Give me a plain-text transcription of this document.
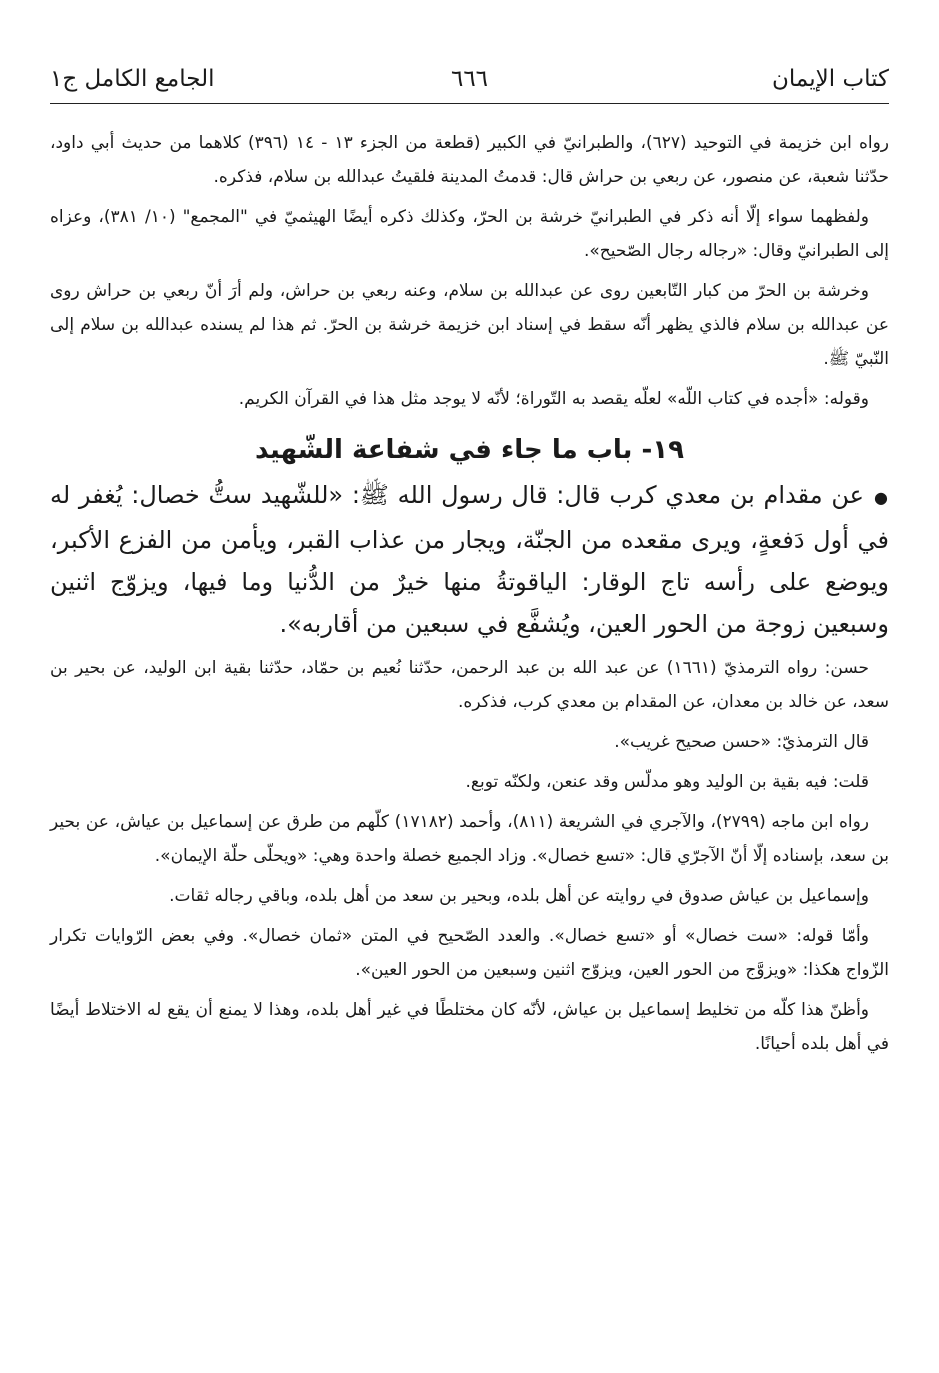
كتاب الإيمان
٦٦٦
الجامع الكامل ج١

رواه ابن خزيمة في التوحيد (٦٢٧)، والطبرانيّ في الكبير (قطعة من الجزء ١٣ - ١٤ (٣٩٦) كلاهما من حديث أبي داود، حدّثنا شعبة، عن منصور، عن ربعي بن حراش قال: قدمتُ المدينة فلقيتُ عبدالله بن سلام، فذكره.

ولفظهما سواء إلّا أنه ذكر في الطبرانيّ خرشة بن الحرّ، وكذلك ذكره أيضًا الهيثميّ في "المجمع" (١٠/ ٣٨١)، وعزاه إلى الطبرانيّ وقال: «رجاله رجال الصّحيح».

وخرشة بن الحرّ من كبار التّابعين روى عن عبدالله بن سلام، وعنه ربعي بن حراش، ولم أرَ أنّ ربعي بن حراش روى عن عبدالله بن سلام فالذي يظهر أنّه سقط في إسناد ابن خزيمة خرشة بن الحرّ. ثم هذا لم يسنده عبدالله بن سلام إلى النّبيّ ﷺ.

وقوله: «أجده في كتاب اللّه» لعلّه يقصد به التّوراة؛ لأنّه لا يوجد مثل هذا في القرآن الكريم.

١٩- باب ما جاء في شفاعة الشّهيد

●عن مقدام بن معدي كرب قال: قال رسول الله ﷺ: «للشّهيد ستُّ خصال: يُغفر له في أول دَفعةٍ، ويرى مقعده من الجنّة، ويجار من عذاب القبر، ويأمن من الفزع الأكبر، ويوضع على رأسه تاج الوقار: الياقوتةُ منها خيرٌ من الدُّنيا وما فيها، ويزوّج اثنين وسبعين زوجة من الحور العين، ويُشفَّع في سبعين من أقاربه».

حسن: رواه الترمذيّ (١٦٦١) عن عبد الله بن عبد الرحمن، حدّثنا نُعيم بن حمّاد، حدّثنا بقية ابن الوليد، عن بحير بن سعد، عن خالد بن معدان، عن المقدام بن معدي كرب، فذكره.

قال الترمذيّ: «حسن صحيح غريب».

قلت: فيه بقية بن الوليد وهو مدلّس وقد عنعن، ولكنّه توبع.

رواه ابن ماجه (٢٧٩٩)، والآجري في الشريعة (٨١١)، وأحمد (١٧١٨٢) كلّهم من طرق عن إسماعيل بن عياش، عن بحير بن سعد، بإسناده إلّا أنّ الآجرّي قال: «تسع خصال». وزاد الجميع خصلة واحدة وهي: «ويحلّى حلّة الإيمان».

وإسماعيل بن عياش صدوق في روايته عن أهل بلده، وبحير بن سعد من أهل بلده، وباقي رجاله ثقات.

وأمّا قوله: «ست خصال» أو «تسع خصال». والعدد الصّحيح في المتن «ثمان خصال». وفي بعض الرّوايات تكرار الزّواج هكذا: «ويزوَّج من الحور العين، ويزوّج اثنين وسبعين من الحور العين».

وأظنّ هذا كلّه من تخليط إسماعيل بن عياش، لأنّه كان مختلطًا في غير أهل بلده، وهذا لا يمنع أن يقع له الاختلاط أيضًا في أهل بلده أحيانًا.
